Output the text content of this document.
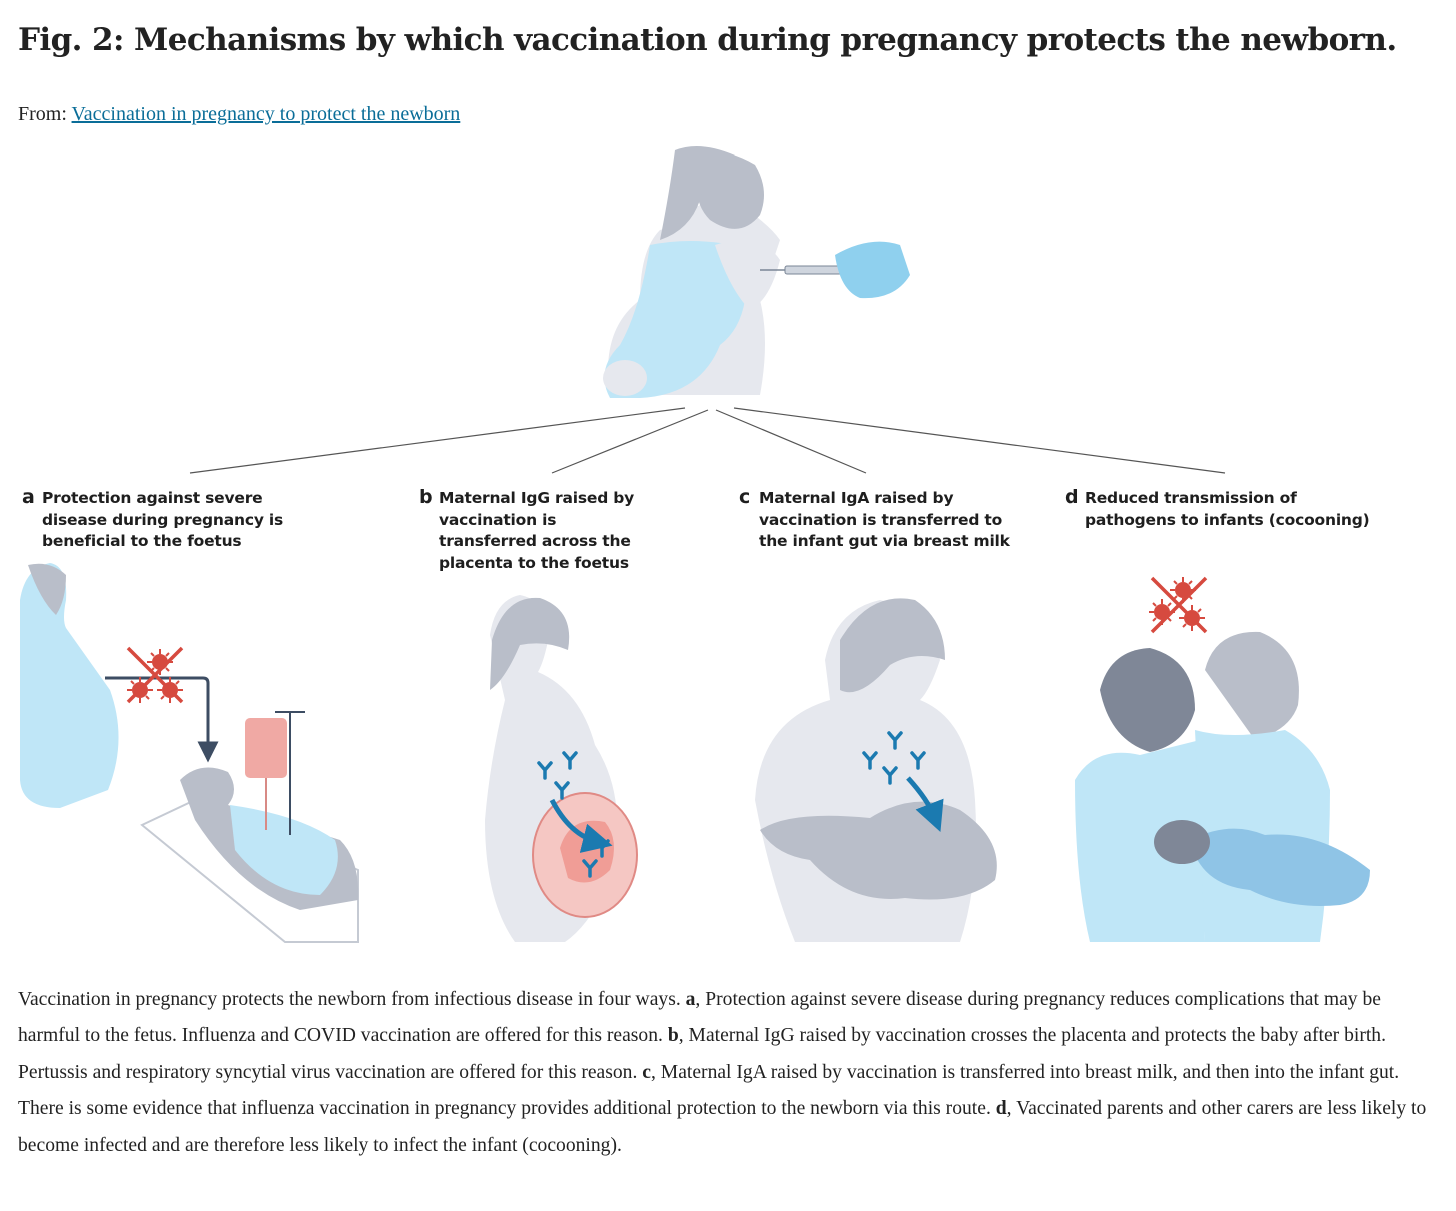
Fig. 2: Mechanisms by which vaccination during pregnancy protects the newborn.
From: Vaccination in pregnancy to protect the newborn
a Protection against severe disease during pregnancy is beneficial to the foetus
b Maternal IgG raised by vaccination is transferred across the placenta to the foetus
c Maternal IgA raised by vaccination is transferred to the infant gut via breast milk
d Reduced transmission of pathogens to infants (cocooning)

Vaccination in pregnancy protects the newborn from infectious disease in four ways. a, Protection against severe disease during pregnancy reduces complications that may be harmful to the fetus. Influenza and COVID vaccination are offered for this reason. b, Maternal IgG raised by vaccination crosses the placenta and protects the baby after birth. Pertussis and respiratory syncytial virus vaccination are offered for this reason. c, Maternal IgA raised by vaccination is transferred into breast milk, and then into the infant gut. There is some evidence that influenza vaccination in pregnancy provides additional protection to the newborn via this route. d, Vaccinated parents and other carers are less likely to become infected and are therefore less likely to infect the infant (cocooning).
